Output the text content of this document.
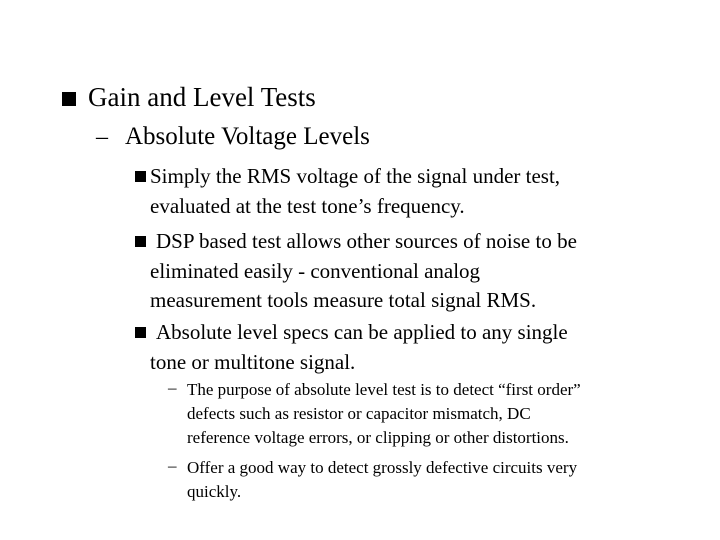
Gain and Level Tests
– Absolute Voltage Levels
Simply the RMS voltage of the signal under test,
evaluated at the test tone’s frequency.
DSP based test allows other sources of noise to be
eliminated easily - conventional analog
measurement tools measure total signal RMS.
Absolute level specs can be applied to any single
tone or multitone signal.
– The purpose of absolute level test is to detect “first order”
defects such as resistor or capacitor mismatch, DC
reference voltage errors, or clipping or other distortions.
– Offer a good way to detect grossly defective circuits very
quickly.
